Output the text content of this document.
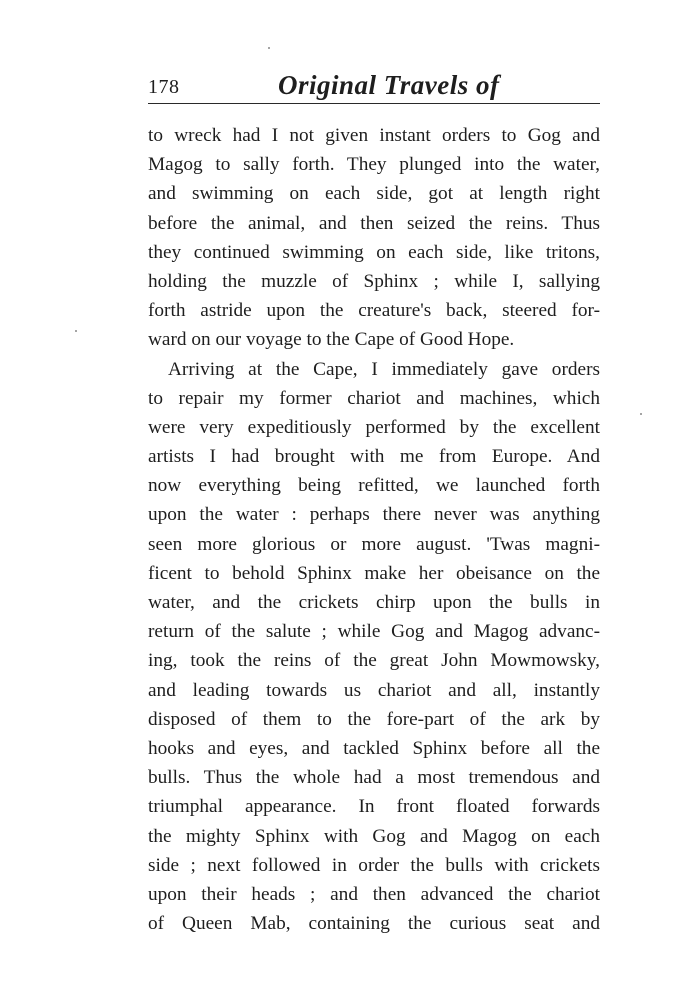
178	Original Travels of
to wreck had I not given instant orders to Gog and
Magog to sally forth. They plunged into the water,
and swimming on each side, got at length right
before the animal, and then seized the reins. Thus
they continued swimming on each side, like tritons,
holding the muzzle of Sphinx ; while I, sallying
forth astride upon the creature's back, steered for-
ward on our voyage to the Cape of Good Hope.
Arriving at the Cape, I immediately gave orders
to repair my former chariot and machines, which
were very expeditiously performed by the excellent
artists I had brought with me from Europe. And
now everything being refitted, we launched forth
upon the water : perhaps there never was anything
seen more glorious or more august. 'Twas magni-
ficent to behold Sphinx make her obeisance on the
water, and the crickets chirp upon the bulls in
return of the salute ; while Gog and Magog advanc-
ing, took the reins of the great John Mowmowsky,
and leading towards us chariot and all, instantly
disposed of them to the fore-part of the ark by
hooks and eyes, and tackled Sphinx before all the
bulls. Thus the whole had a most tremendous and
triumphal appearance. In front floated forwards
the mighty Sphinx with Gog and Magog on each
side ; next followed in order the bulls with crickets
upon their heads ; and then advanced the chariot
of Queen Mab, containing the curious seat and
